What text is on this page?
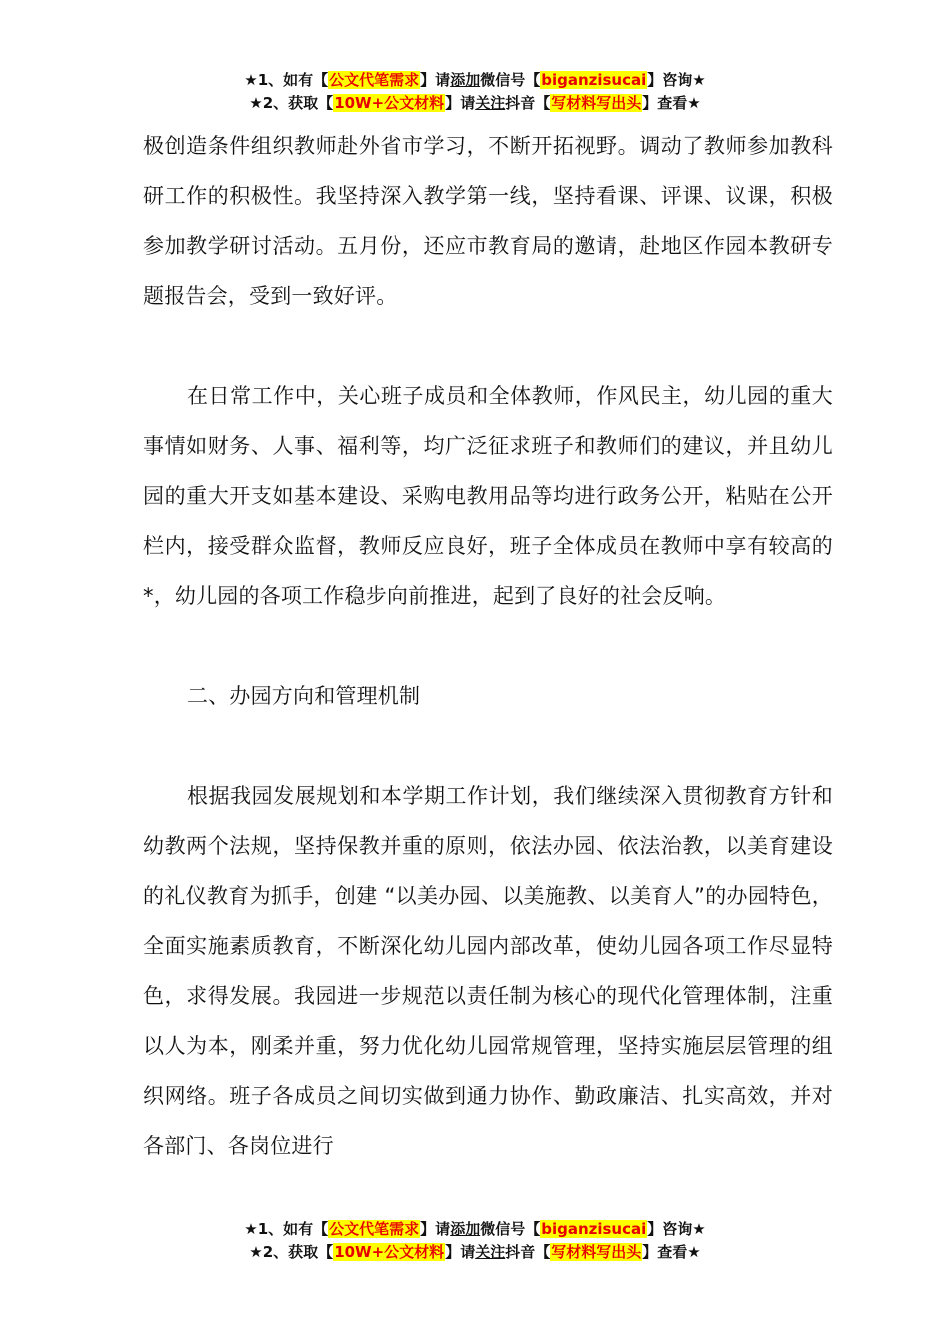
★1、如有【公文代笔需求】请添加微信号【biganzisucai】咨询★
★2、获取【10W+公文材料】请关注抖音【写材料写出头】查看★

极创造条件组织教师赴外省市学习，不断开拓视野。调动了教师参加教科研工作的积极性。我坚持深入教学第一线，坚持看课、评课、议课，积极参加教学研讨活动。五月份，还应市教育局的邀请，赴地区作园本教研专题报告会，受到一致好评。

在日常工作中，关心班子成员和全体教师，作风民主，幼儿园的重大事情如财务、人事、福利等，均广泛征求班子和教师们的建议，并且幼儿园的重大开支如基本建设、采购电教用品等均进行政务公开，粘贴在公开栏内，接受群众监督，教师反应良好，班子全体成员在教师中享有较高的*，幼儿园的各项工作稳步向前推进，起到了良好的社会反响。

二、办园方向和管理机制

根据我园发展规划和本学期工作计划，我们继续深入贯彻教育方针和幼教两个法规，坚持保教并重的原则，依法办园、依法治教，以美育建设的礼仪教育为抓手，创建 “以美办园、以美施教、以美育人”的办园特色，全面实施素质教育，不断深化幼儿园内部改革，使幼儿园各项工作尽显特色，求得发展。我园进一步规范以责任制为核心的现代化管理体制，注重以人为本，刚柔并重，努力优化幼儿园常规管理，坚持实施层层管理的组织网络。班子各成员之间切实做到通力协作、勤政廉洁、扎实高效，并对各部门、各岗位进行

★1、如有【公文代笔需求】请添加微信号【biganzisucai】咨询★
★2、获取【10W+公文材料】请关注抖音【写材料写出头】查看★
